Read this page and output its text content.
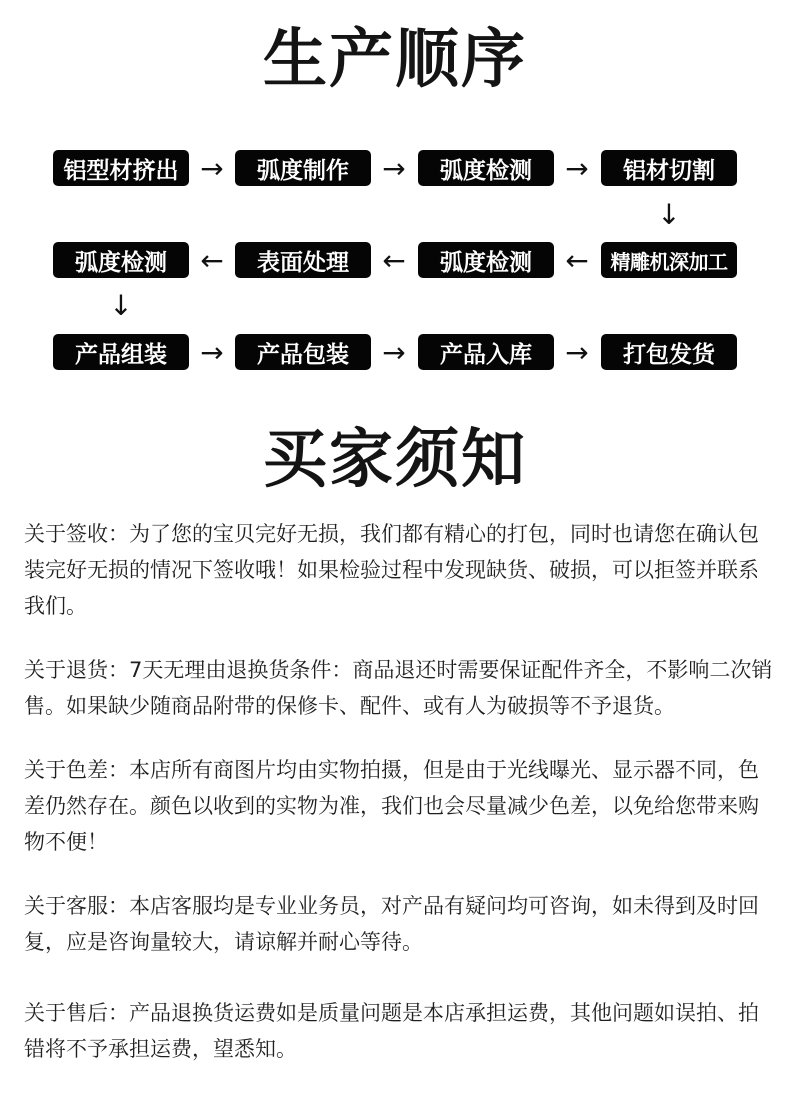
生产顺序
铝型材挤出 →	弧度制作	→	弧度检测	→	铝材切割
↓
弧度检测	←	表面处理	←	弧度检测	←	精雕机深加工
↓
产品组装	→	产品包装	→	产品入库	→	打包发货
买家须知
关于签收：为了您的宝贝完好无损，我们都有精心的打包，同时也请您在确认包装完好无损的情况下签收哦！如果检验过程中发现缺货、破损，可以拒签并联系我们。
关于退货：7天无理由退换货条件：商品退还时需要保证配件齐全，不影响二次销售。如果缺少随商品附带的保修卡、配件、或有人为破损等不予退货。
关于色差：本店所有商图片均由实物拍摄，但是由于光线曝光、显示器不同，色差仍然存在。颜色以收到的实物为准，我们也会尽量减少色差，以免给您带来购物不便！
关于客服：本店客服均是专业业务员，对产品有疑问均可咨询，如未得到及时回复，应是咨询量较大，请谅解并耐心等待。
关于售后：产品退换货运费如是质量问题是本店承担运费，其他问题如误拍、拍错将不予承担运费，望悉知。
